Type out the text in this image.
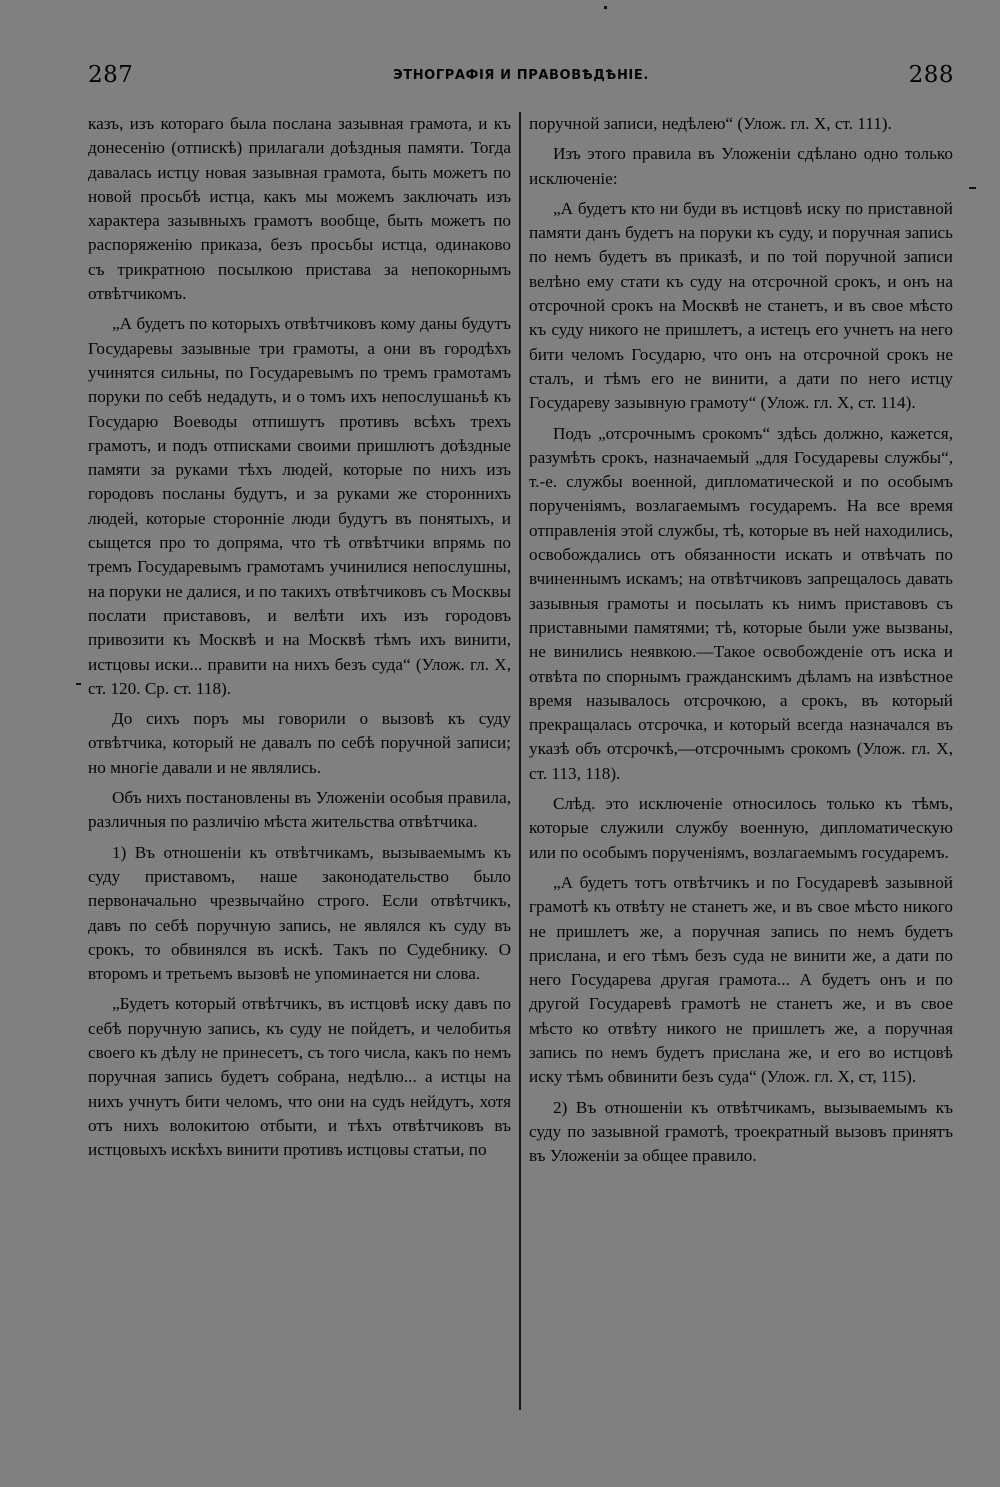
287	ЭТНОГРАФІЯ И ПРАВОВѢДѢНІЕ.	288

казъ, изъ котораго была послана зазывная грамота, и къ донесенію (отпискѣ) прилагали доѣздныя памяти. Тогда давалась истцу новая зазывная грамота, быть можетъ по новой просьбѣ истца, какъ мы можемъ заключать изъ характера зазывныхъ грамотъ вообще, быть можетъ по распоряженію приказа, безъ просьбы истца, одинаково съ трикратною посылкою пристава за непокорнымъ отвѣтчикомъ.

„А будетъ по которыхъ отвѣтчиковъ кому даны будутъ Государевы зазывные три грамоты, а они въ городѣхъ учинятся сильны, по Государевымъ по тремъ грамотамъ поруки по себѣ недадуть, и о томъ ихъ непослушаньѣ къ Государю Воеводы отпишутъ противъ всѣхъ трехъ грамотъ, и подъ отписками своими пришлютъ доѣздные памяти за руками тѣхъ людей, которые по нихъ изъ городовъ посланы будутъ, и за руками же стороннихъ людей, которые сторонніе люди будутъ въ понятыхъ, и сыщется про то допряма, что тѣ отвѣтчики впрямь по тремъ Государевымъ грамотамъ учинилися непослушны, на поруки не далися, и по такихъ отвѣтчиковъ съ Москвы послати приставовъ, и велѣти ихъ изъ городовъ привозити къ Москвѣ и на Москвѣ тѣмъ ихъ винити, истцовы иски... правити на нихъ безъ суда“ (Улож. гл. X, ст. 120. Ср. ст. 118).

До сихъ поръ мы говорили о вызовѣ къ суду отвѣтчика, который не давалъ по себѣ поручной записи; но многіе давали и не являлись.

Объ нихъ постановлены въ Уложеніи особыя правила, различныя по различію мѣста жительства отвѣтчика.

1) Въ отношеніи къ отвѣтчикамъ, вызываемымъ къ суду приставомъ, наше законодательство было первоначально чрезвычайно строго. Если отвѣтчикъ, давъ по себѣ поручную запись, не являлся къ суду въ срокъ, то обвинялся въ искѣ. Такъ по Судебнику. О второмъ и третьемъ вызовѣ не упоминается ни слова.

„Будетъ который отвѣтчикъ, въ истцовѣ иску давъ по себѣ поручную запись, къ суду не пойдетъ, и челобитья своего къ дѣлу не принесетъ, съ того числа, какъ по немъ поручная запись будетъ собрана, недѣлю... а истцы на нихъ учнутъ бити челомъ, что они на судъ нейдутъ, хотя отъ нихъ волокитою отбыти, и тѣхъ отвѣтчиковъ въ истцовыхъ искѣхъ винити противъ истцовы статьи, по

поручной записи, недѣлею“ (Улож. гл. X, ст. 111).

Изъ этого правила въ Уложеніи сдѣлано одно только исключеніе:

„А будетъ кто ни буди въ истцовѣ иску по приставной памяти данъ будетъ на поруки къ суду, и поручная запись по немъ будетъ въ приказѣ, и по той поручной записи велѣно ему стати къ суду на отсрочной срокъ, и онъ на отсрочной срокъ на Москвѣ не станетъ, и въ свое мѣсто къ суду никого не пришлетъ, а истецъ его учнетъ на него бити челомъ Государю, что онъ на отсрочной срокъ не сталъ, и тѣмъ его не винити, а дати по него истцу Государеву зазывную грамоту“ (Улож. гл. X, ст. 114).

Подъ „отсрочнымъ срокомъ“ здѣсь должно, кажется, разумѣть срокъ, назначаемый „для Государевы службы“, т.-е. службы военной, дипломатической и по особымъ порученіямъ, возлагаемымъ государемъ. На все время отправленія этой службы, тѣ, которые въ ней находились, освобождались отъ обязанности искать и отвѣчать по вчиненнымъ искамъ; на отвѣтчиковъ запрещалось давать зазывныя грамоты и посылать къ нимъ приставовъ съ приставными памятями; тѣ, которые были уже вызваны, не винились неявкою.—Такое освобожденіе отъ иска и отвѣта по спорнымъ гражданскимъ дѣламъ на извѣстное время называлось отсрочкою, а срокъ, въ который прекращалась отсрочка, и который всегда назначался въ указѣ объ отсрочкѣ,—отсрочнымъ срокомъ (Улож. гл. X, ст. 113, 118).

Слѣд. это исключеніе относилось только къ тѣмъ, которые служили службу военную, дипломатическую или по особымъ порученіямъ, возлагаемымъ государемъ.

„А будетъ тотъ отвѣтчикъ и по Государевѣ зазывной грамотѣ къ отвѣту не станетъ же, и въ свое мѣсто никого не пришлетъ же, а поручная запись по немъ будетъ прислана, и его тѣмъ безъ суда не винити же, а дати по него Государева другая грамота... А будетъ онъ и по другой Государевѣ грамотѣ не станетъ же, и въ свое мѣсто ко отвѣту никого не пришлетъ же, а поручная запись по немъ будетъ прислана же, и его во истцовѣ иску тѣмъ обвинити безъ суда“ (Улож. гл. X, ст, 115).

2) Въ отношеніи къ отвѣтчикамъ, вызываемымъ къ суду по зазывной грамотѣ, троекратный вызовъ принятъ въ Уложеніи за общее правило.
